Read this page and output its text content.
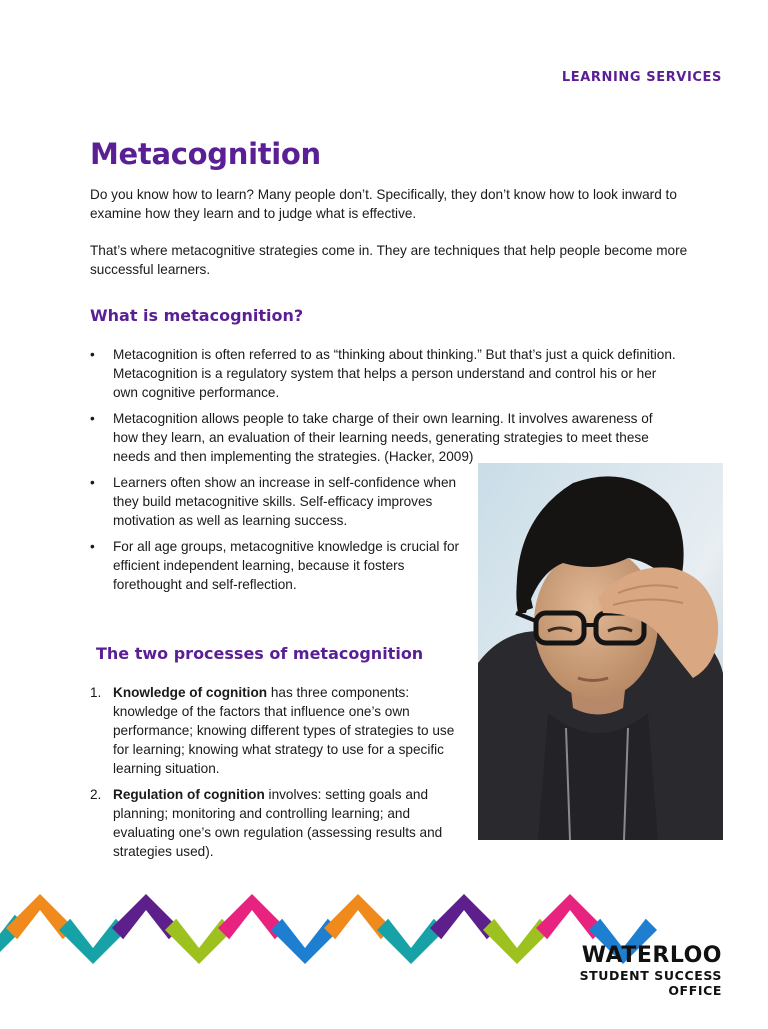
LEARNING SERVICES
Metacognition

Do you know how to learn? Many people don’t. Specifically, they don’t know how to look inward to examine how they learn and to judge what is effective.

That’s where metacognitive strategies come in. They are techniques that help people become more successful learners.

What is metacognition?
• Metacognition is often referred to as “thinking about thinking.” But that’s just a quick definition. Metacognition is a regulatory system that helps a person understand and control his or her own cognitive performance.
• Metacognition allows people to take charge of their own learning. It involves awareness of how they learn, an evaluation of their learning needs, generating strategies to meet these needs and then implementing the strategies. (Hacker, 2009)
• Learners often show an increase in self-confidence when they build metacognitive skills. Self-efficacy improves motivation as well as learning success.
• For all age groups, metacognitive knowledge is crucial for efficient independent learning, because it fosters forethought and self-reflection.
The two processes of metacognition
1. Knowledge of cognition has three components: knowledge of the factors that influence one’s own performance; knowing different types of strategies to use for learning; knowing what strategy to use for a specific learning situation.
2. Regulation of cognition involves: setting goals and planning; monitoring and controlling learning; and evaluating one’s own regulation (assessing results and strategies used).
WATERLOO
STUDENT SUCCESS
OFFICE
